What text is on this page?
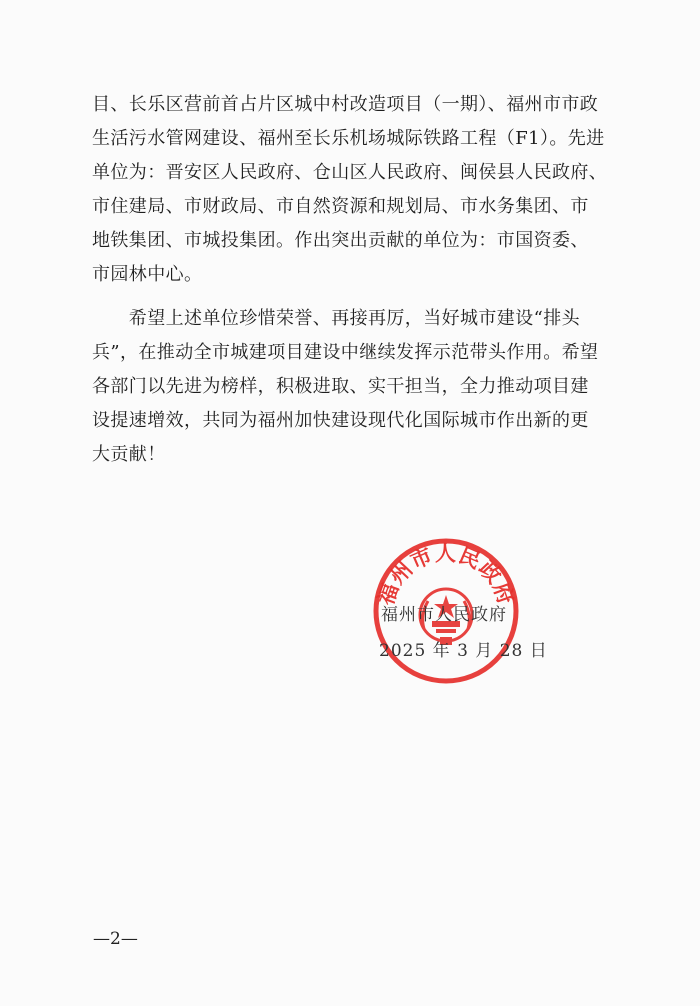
目、长乐区营前首占片区城中村改造项目（一期）、福州市市政
生活污水管网建设、福州至长乐机场城际铁路工程（F1）。先进
单位为：晋安区人民政府、仓山区人民政府、闽侯县人民政府、
市住建局、市财政局、市自然资源和规划局、市水务集团、市
地铁集团、市城投集团。作出突出贡献的单位为：市国资委、
市园林中心。
　　希望上述单位珍惜荣誉、再接再厉，当好城市建设“排头
兵”，在推动全市城建项目建设中继续发挥示范带头作用。希望
各部门以先进为榜样，积极进取、实干担当，全力推动项目建
设提速增效，共同为福州加快建设现代化国际城市作出新的更
大贡献！
福州市人民政府
福州市人民政府
2025 年 3 月 28 日
—2—
